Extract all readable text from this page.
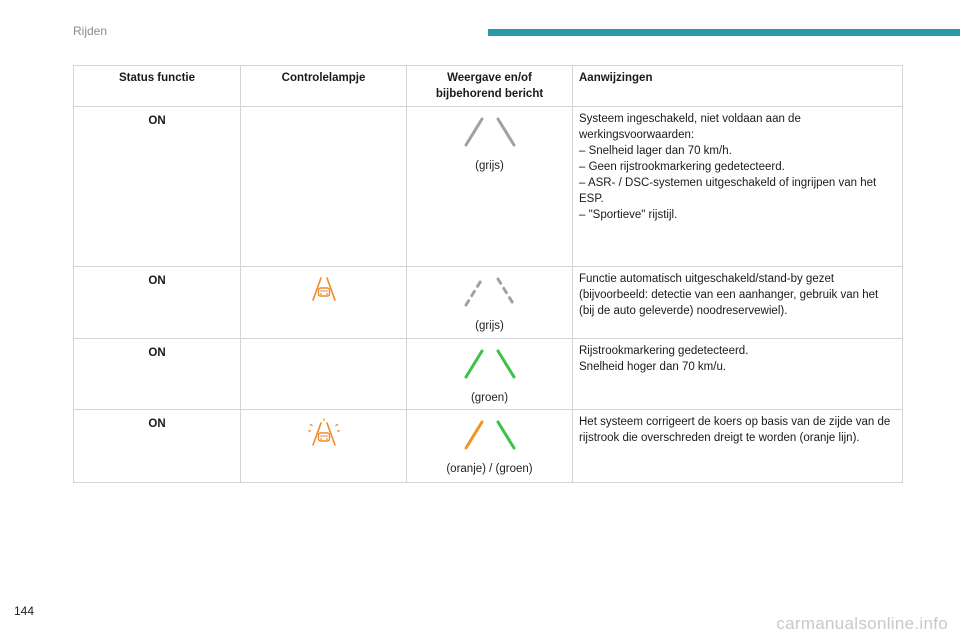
Rijden
Status functie	Controlelampje	Weergave en/of bijbehorend bericht	Aanwijzingen
ON		(grijs)	Systeem ingeschakeld, niet voldaan aan de werkingsvoorwaarden:

– Snelheid lager dan 70 km/h.

– Geen rijstrookmarkering gedetecteerd.

– ASR- / DSC-systemen uitgeschakeld of ingrijpen van het ESP.

– "Sportieve" rijstijl.

ON		(grijs)	Functie automatisch uitgeschakeld/stand-by gezet (bijvoorbeeld: detectie van een aanhanger, gebruik van het (bij de auto geleverde) noodreservewiel).

ON		(groen)	Rijstrookmarkering gedetecteerd.

Snelheid hoger dan 70 km/u.

ON		(oranje) / (groen)	Het systeem corrigeert de koers op basis van de zijde van de rijstrook die overschreden dreigt te worden (oranje lijn).

144
carmanualsonline.info
